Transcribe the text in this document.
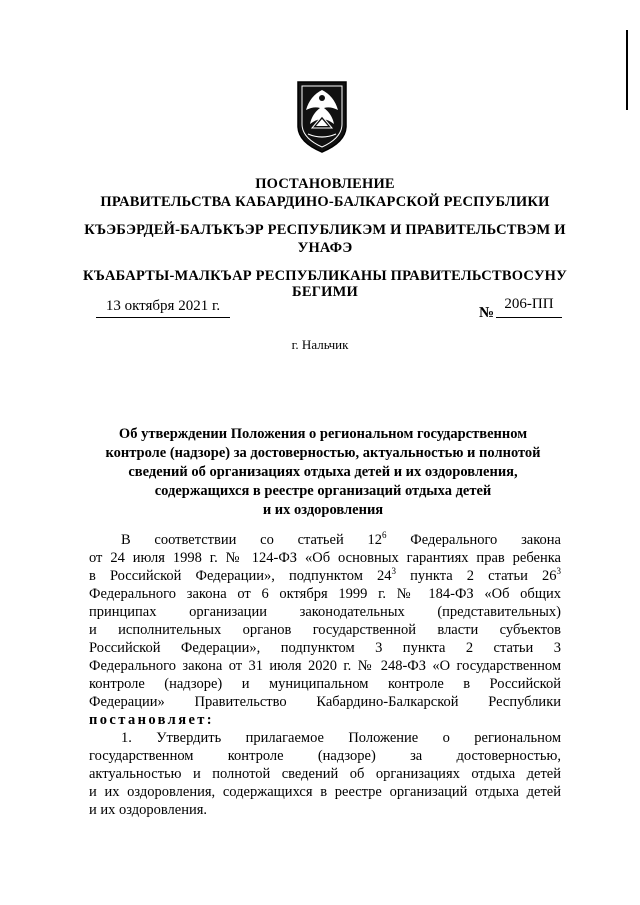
ПОСТАНОВЛЕНИЕ
ПРАВИТЕЛЬСТВА КАБАРДИНО-БАЛКАРСКОЙ РЕСПУБЛИКИ
КЪЭБЭРДЕЙ-БАЛЪКЪЭР РЕСПУБЛИКЭМ И ПРАВИТЕЛЬСТВЭМ И
УНАФЭ
КЪАБАРТЫ-МАЛКЪАР РЕСПУБЛИКАНЫ ПРАВИТЕЛЬСТВОСУНУ
БЕГИМИ
13 октября 2021 г.	№
206-ПП
г. Нальчик
Об утверждении Положения о региональном государственном
контроле (надзоре) за достоверностью, актуальностью и полнотой
сведений об организациях отдыха детей и их оздоровления,
содержащихся в реестре организаций отдыха детей
и их оздоровления
В соответствии со статьей $12^6$ Федерального закона
от 24 июля 1998 г. № 124-ФЗ «Об основных гарантиях прав ребенка
в Российской Федерации», подпунктом $24^3$ пункта 2 статьи $26^3$
Федерального закона от 6 октября 1999 г. № 184-ФЗ «Об общих
принципах организации законодательных (представительных)
и исполнительных органов государственной власти субъектов
Российской Федерации», подпунктом 3 пункта 2 статьи 3
Федерального закона от 31 июля 2020 г. № 248-ФЗ «О государственном
контроле (надзоре) и муниципальном контроле в Российской
Федерации» Правительство Кабардино-Балкарской Республики
постановляет:
1. Утвердить прилагаемое Положение о региональном
государственном контроле (надзоре) за достоверностью,
актуальностью и полнотой сведений об организациях отдыха детей
и их оздоровления, содержащихся в реестре организаций отдыха детей
и их оздоровления.
